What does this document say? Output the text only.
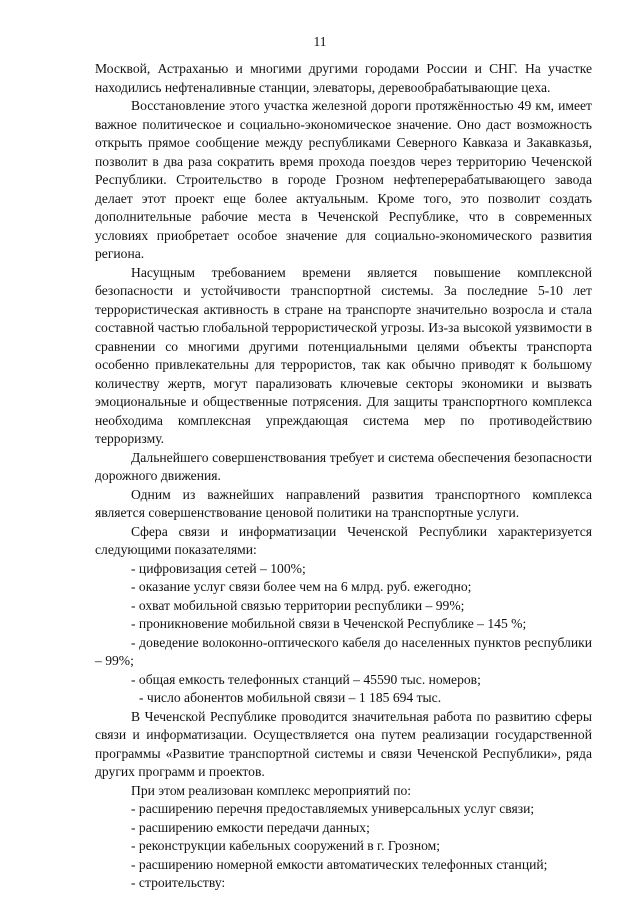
11

Москвой, Астраханью и многими другими городами России и СНГ. На участке находились нефтеналивные станции, элеваторы, деревообрабатывающие цеха.

Восстановление этого участка железной дороги протяжённостью 49 км, имеет важное политическое и социально-экономическое значение. Оно даст возможность открыть прямое сообщение между республиками Северного Кавказа и Закавказья, позволит в два раза сократить время прохода поездов через территорию Чеченской Республики. Строительство в городе Грозном нефтеперерабатывающего завода делает этот проект еще более актуальным. Кроме того, это позволит создать дополнительные рабочие места в Чеченской Республике, что в современных условиях приобретает особое значение для социально-экономического развития региона.

Насущным требованием времени является повышение комплексной безопасности и устойчивости транспортной системы. За последние 5-10 лет террористическая активность в стране на транспорте значительно возросла и стала составной частью глобальной террористической угрозы. Из-за высокой уязвимости в сравнении со многими другими потенциальными целями объекты транспорта особенно привлекательны для террористов, так как обычно приводят к большому количеству жертв, могут парализовать ключевые секторы экономики и вызвать эмоциональные и общественные потрясения. Для защиты транспортного комплекса необходима комплексная упреждающая система мер по противодействию терроризму.

Дальнейшего совершенствования требует и система обеспечения безопасности дорожного движения.

Одним из важнейших направлений развития транспортного комплекса является совершенствование ценовой политики на транспортные услуги.

Сфера связи и информатизации Чеченской Республики характеризуется следующими показателями:

- цифровизация сетей – 100%;

- оказание услуг связи более чем на 6 млрд. руб. ежегодно;

- охват мобильной связью территории республики – 99%;

- проникновение мобильной связи в Чеченской Республике – 145 %;

- доведение волоконно-оптического кабеля до населенных пунктов республики – 99%;

- общая емкость телефонных станций – 45590 тыс. номеров;

- число абонентов мобильной связи – 1 185 694 тыс.

В Чеченской Республике проводится значительная работа по развитию сферы связи и информатизации. Осуществляется она путем реализации государственной программы «Развитие транспортной системы и связи Чеченской Республики», ряда других программ и проектов.

При этом реализован комплекс мероприятий по:

- расширению перечня предоставляемых универсальных услуг связи;

- расширению емкости передачи данных;

- реконструкции кабельных сооружений в г. Грозном;

- расширению номерной емкости автоматических телефонных станций;

- строительству:
